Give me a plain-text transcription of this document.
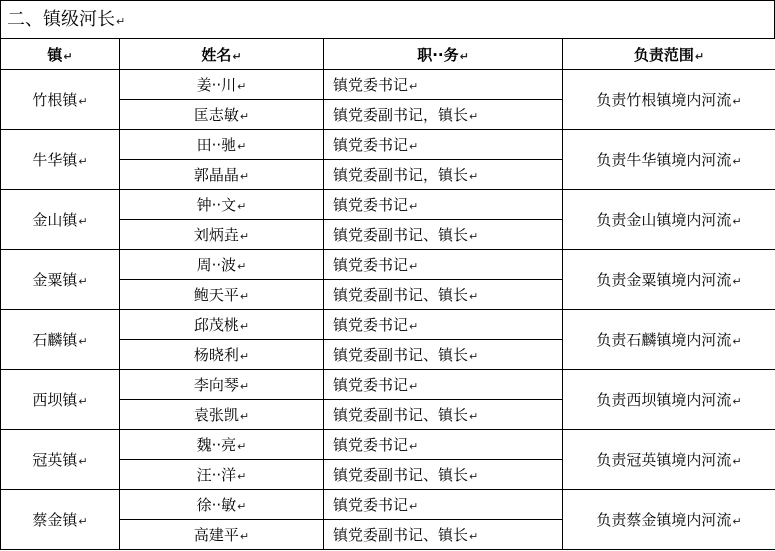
二、镇级河长↵
镇↵	姓名↵	职··务↵	负责范围↵
竹根镇↵	姜··川↵	镇党委书记↵	负责竹根镇境内河流↵
	匡志敏↵	镇党委副书记，镇长↵	
牛华镇↵	田··驰↵	镇党委书记↵	负责牛华镇境内河流↵
	郭晶晶↵	镇党委副书记，镇长↵	
金山镇↵	钟··文↵	镇党委书记↵	负责金山镇境内河流↵
	刘炳垚↵	镇党委副书记、镇长↵	
金粟镇↵	周··波↵	镇党委书记↵	负责金粟镇境内河流↵
	鲍天平↵	镇党委副书记、镇长↵	
石麟镇↵	邱茂桃↵	镇党委书记↵	负责石麟镇境内河流↵
	杨晓利↵	镇党委副书记、镇长↵	
西坝镇↵	李向琴↵	镇党委书记↵	负责西坝镇境内河流↵
	袁张凯↵	镇党委副书记、镇长↵	
冠英镇↵	魏··亮↵	镇党委书记↵	负责冠英镇境内河流↵
	汪··洋↵	镇党委副书记、镇长↵	
蔡金镇↵	徐··敏↵	镇党委书记↵	负责蔡金镇境内河流↵
	高建平↵	镇党委副书记、镇长↵	
